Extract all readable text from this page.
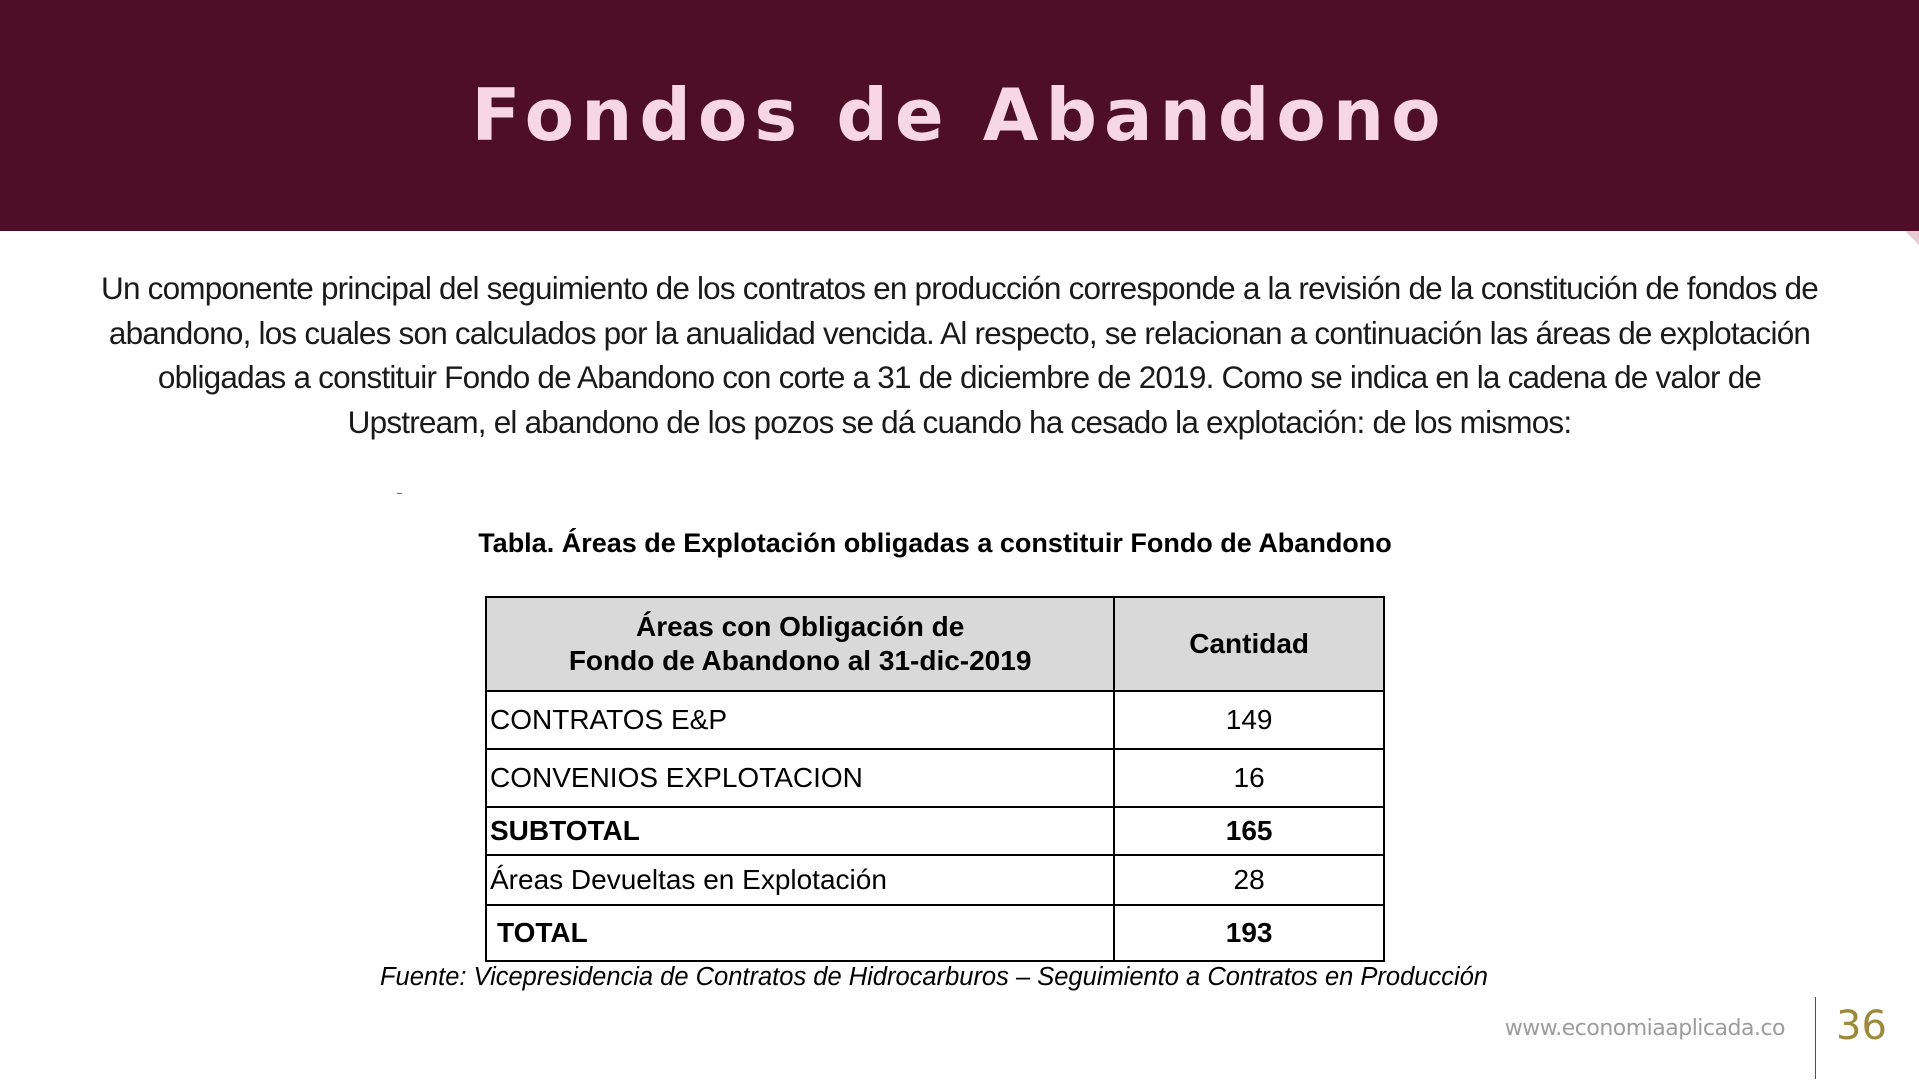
Fondos de Abandono

Un componente principal del seguimiento de los contratos en producción corresponde a la revisión de la constitución de fondos de abandono, los cuales son calculados por la anualidad vencida. Al respecto, se relacionan a continuación las áreas de explotación obligadas a constituir Fondo de Abandono con corte a 31 de diciembre de 2019. Como se indica en la cadena de valor de Upstream, el abandono de los pozos se dá cuando ha cesado la explotación: de los mismos:

Tabla. Áreas de Explotación obligadas a constituir Fondo de Abandono
Áreas con Obligación de
Fondo de Abandono al 31-dic-2019	Cantidad
CONTRATOS E&P	149
CONVENIOS EXPLOTACION	16
SUBTOTAL	165
Áreas Devueltas en Explotación	28
TOTAL	193
Fuente: Vicepresidencia de Contratos de Hidrocarburos – Seguimiento a Contratos en Producción
www.economiaaplicada.co 36
